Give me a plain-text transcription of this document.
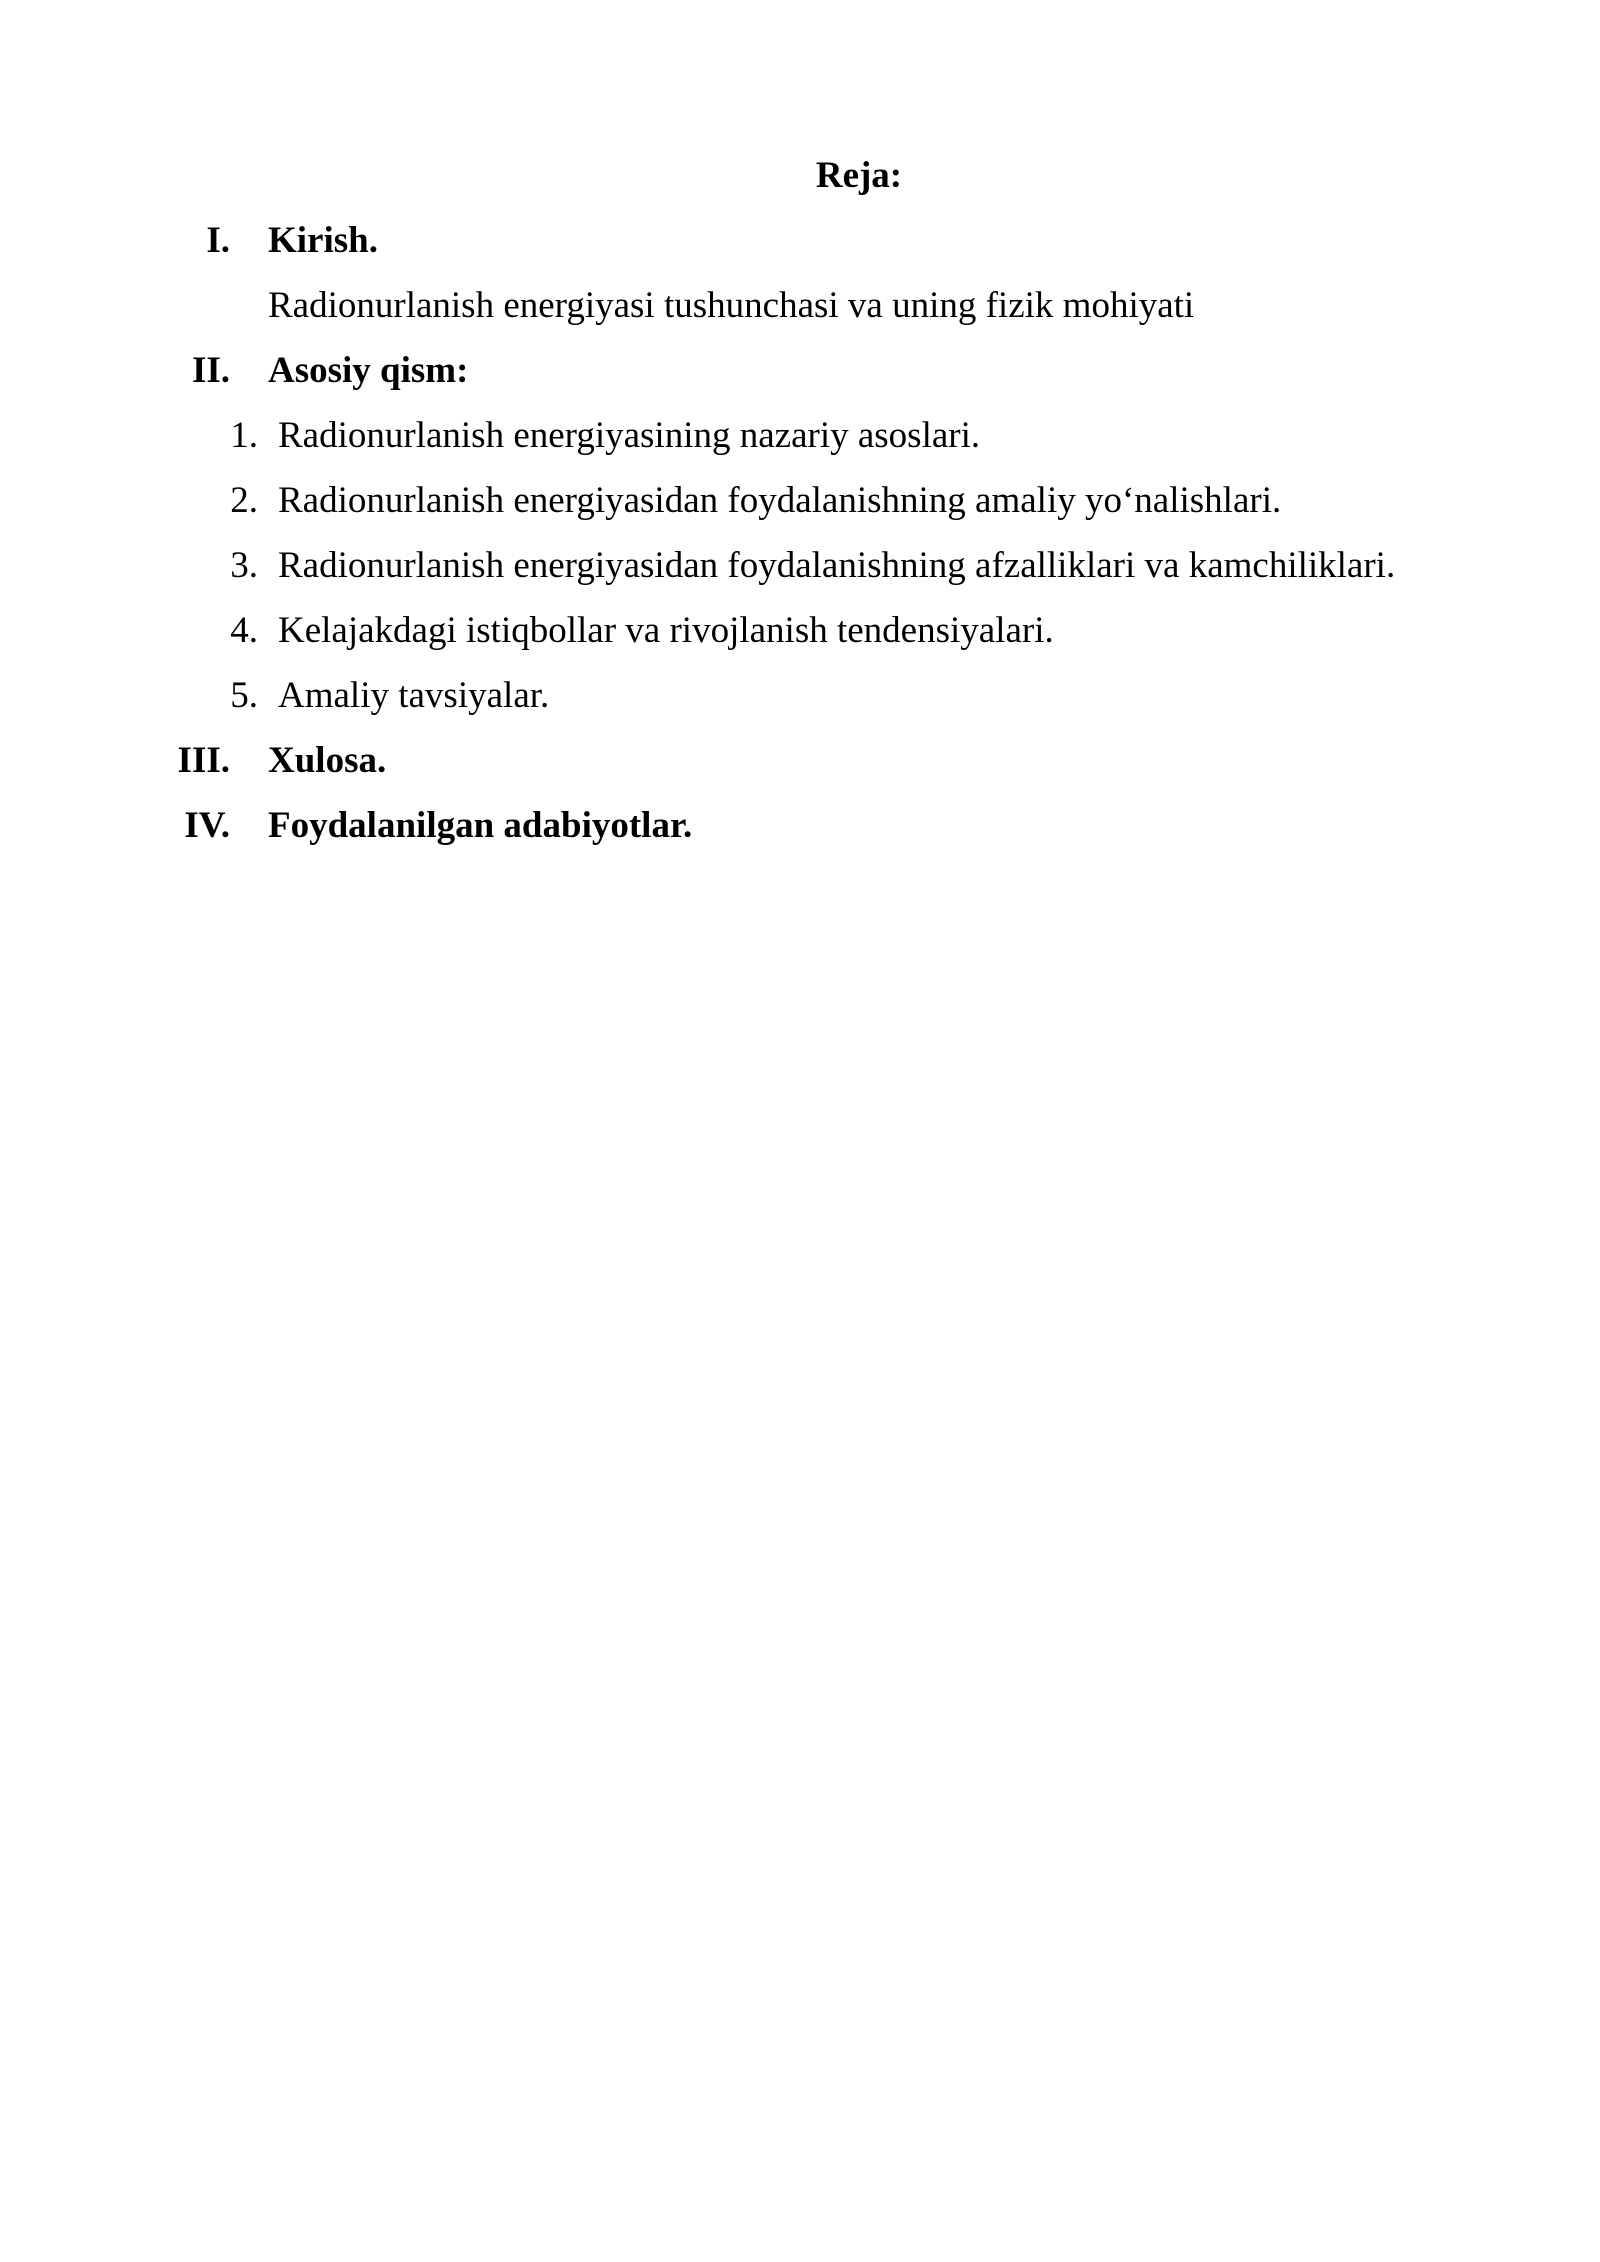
Reja:
I. Kirish.
Radionurlanish energiyasi tushunchasi va uning fizik mohiyati
II. Asosiy qism:
1. Radionurlanish energiyasining nazariy asoslari.
2. Radionurlanish energiyasidan foydalanishning amaliy yo‘nalishlari.
3. Radionurlanish energiyasidan foydalanishning afzalliklari va kamchiliklari.
4. Kelajakdagi istiqbollar va rivojlanish tendensiyalari.
5. Amaliy tavsiyalar.
III. Xulosa.
IV. Foydalanilgan adabiyotlar.
